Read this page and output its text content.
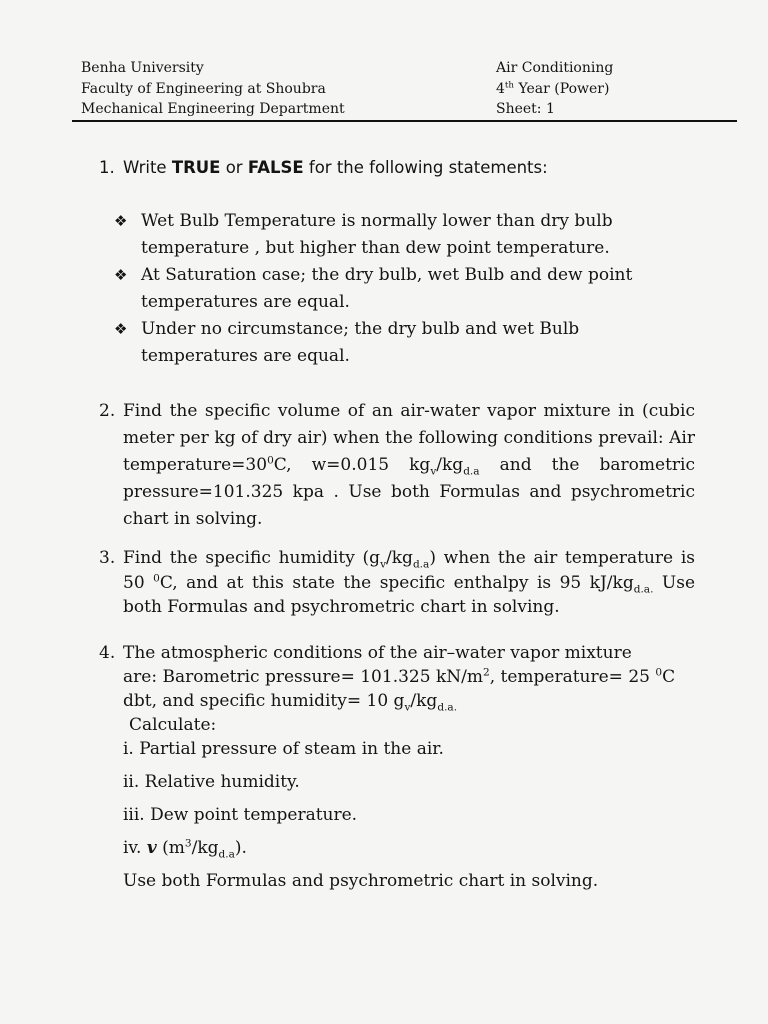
Benha University
Faculty of Engineering at Shoubra
Mechanical Engineering Department
Air Conditioning
4th Year (Power)
Sheet: 1
1. Write TRUE or FALSE for the following statements:
❖ Wet Bulb Temperature is normally lower than dry bulb
temperature , but higher than dew point temperature.
❖ At Saturation case; the dry bulb, wet Bulb and dew point
temperatures are equal.
❖ Under no circumstance; the dry bulb and wet Bulb
temperatures are equal.
2. Find the specific volume of an air-water vapor mixture in (cubic meter per kg of dry air) when the following conditions prevail: Air $temperature=30^0C$, w=0.015 $kg_v/kg_{d.a}$ and the barometric pressure=101.325 kpa . Use both Formulas and psychrometric chart in solving.
3. Find the specific humidity $(g_v/kg_{d.a})$ when the air temperature is 50 $^0$C, and at this state the specific enthalpy is 95 $kJ/kg_{d.a.}$ Use both Formulas and psychrometric chart in solving.
4. The atmospheric conditions of the air–water vapor mixture
are: Barometric pressure= 101.325 $kN/m^2$, temperature= 25 $^0$C
dbt, and specific humidity= 10 $g_v/kg_{d.a.}$
Calculate:
i. Partial pressure of steam in the air.
ii. Relative humidity.
iii. Dew point temperature.
iv. v $(m^3/kg_{d.a})$.
Use both Formulas and psychrometric chart in solving.
